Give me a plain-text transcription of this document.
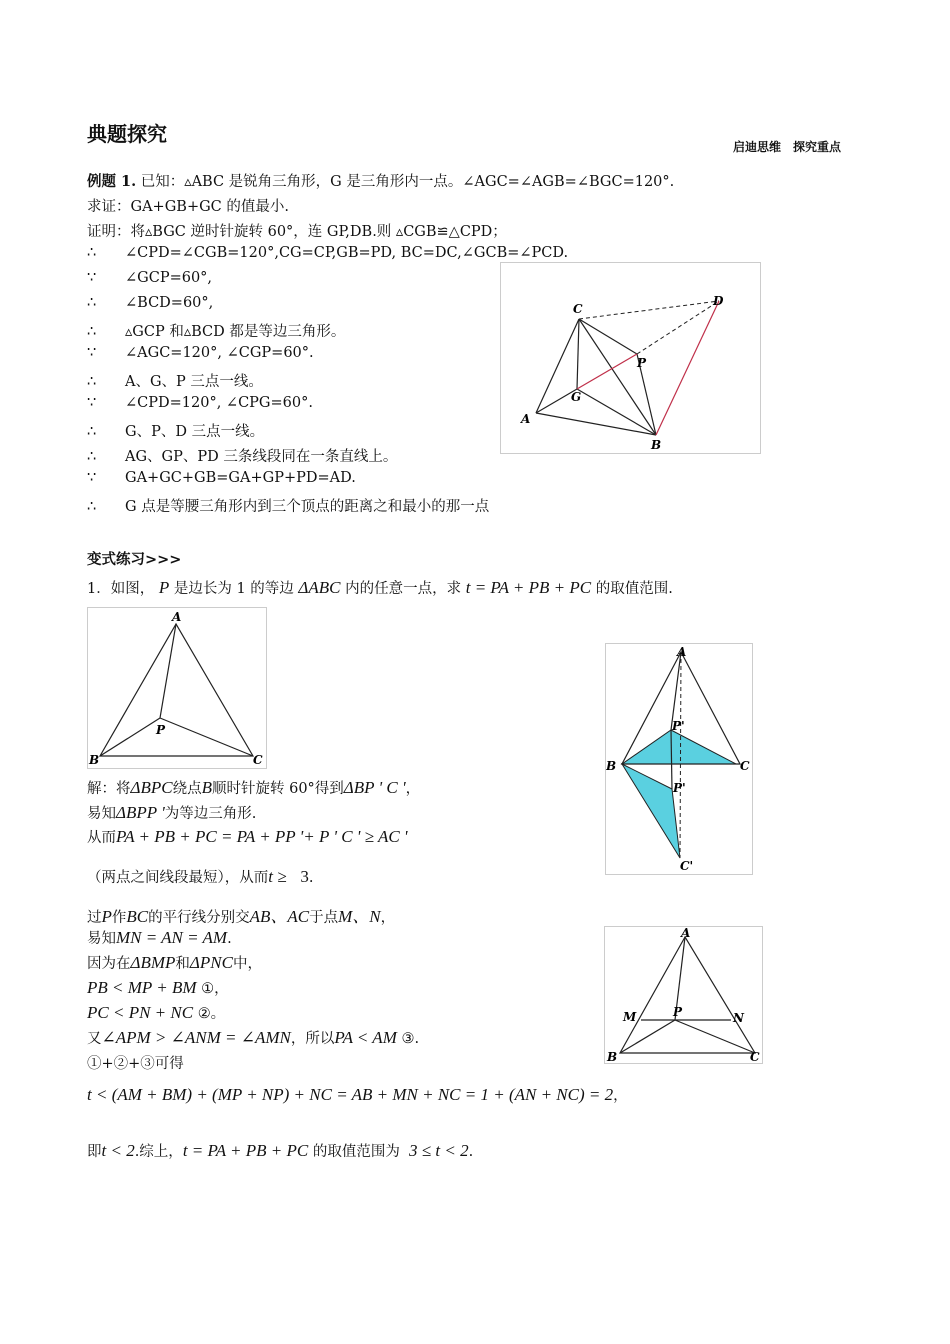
典题探究
启迪思维　探究重点
例题 1. 已知：▵ABC 是锐角三角形，G 是三角形内一点。∠AGC=∠AGB=∠BGC=120°.
求证：GA+GB+GC 的值最小.
证明：将▵BGC 逆时针旋转 60°，连 GP,DB.则 ▵CGB≌△CPD；
∴ ∠CPD=∠CGB=120°,CG=CP,GB=PD, BC=DC,∠GCB=∠PCD.
∵ ∠GCP=60°,
∴ ∠BCD=60°,
∴ ▵GCP 和▵BCD 都是等边三角形。
∵ ∠AGC=120°, ∠CGP=60°.
∴ A、G、P 三点一线。
∵ ∠CPD=120°, ∠CPG=60°.
∴ G、P、D 三点一线。
∴ AG、GP、PD 三条线段同在一条直线上。
∵ GA+GC+GB=GA+GP+PD=AD.
∴ G 点是等腰三角形内到三个顶点的距离之和最小的那一点
C
D
P
G
A
B
变式练习>>>
1．如图， P 是边长为 1 的等边 ΔABC 内的任意一点，求 t = PA + PB + PC 的取值范围.
A
P
B	C
A
P'
B	C
P'
C'
解：将ΔBPC绕点B顺时针旋转 60°得到ΔBP ' C '，
易知ΔBPP '为等边三角形.
从而PA + PB + PC = PA + PP '+ P ' C ' ≥ AC '
（两点之间线段最短），从而t ≥ 3.
过P作BC的平行线分别交AB、AC于点M、N，
易知MN = AN = AM.
因为在ΔBMP和ΔPNC中，
PB < MP + BM ①，
PC < PN + NC ②。
又∠APM > ∠ANM = ∠AMN，所以PA < AM ③.
①+②+③可得
t < (AM + BM) + (MP + NP) + NC = AB + MN + NC = 1 + (AN + NC) = 2，
即t < 2.综上，t = PA + PB + PC 的取值范围为 3 ≤ t < 2.
A
M	P	N
B	C
